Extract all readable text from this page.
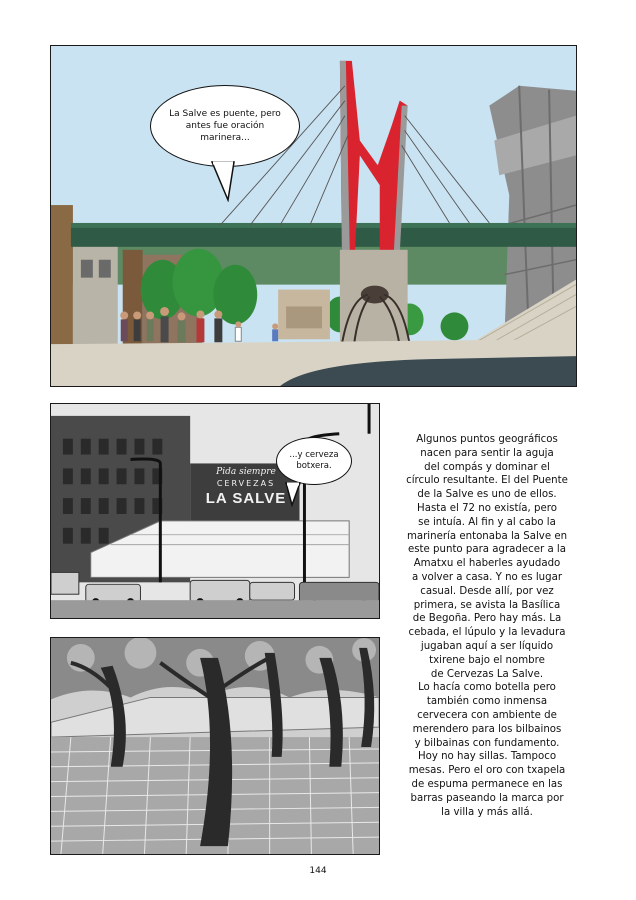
La Salve es puente, pero
antes fue oración marinera...
Pida siempre
CERVEZAS
LA SALVE
...y cerveza
botxera.
Algunos puntos geográficos
nacen para sentir la aguja
del compás y dominar el
círculo resultante. El del Puente
de la Salve es uno de ellos.
Hasta el 72 no existía, pero
se intuía. Al fin y al cabo la
marinería entonaba la Salve en
este punto para agradecer a la
Amatxu el haberles ayudado
a volver a casa. Y no es lugar
casual. Desde allí, por vez
primera, se avista la Basílica
de Begoña. Pero hay más. La
cebada, el lúpulo y la levadura
jugaban aquí a ser líquido
txirene bajo el nombre
de Cervezas La Salve.
Lo hacía como botella pero
también como inmensa
cervecera con ambiente de
merendero para los bilbainos
y bilbainas con fundamento.
Hoy no hay sillas. Tampoco
mesas. Pero el oro con txapela
de espuma permanece en las
barras paseando la marca por
la villa y más allá.
144
